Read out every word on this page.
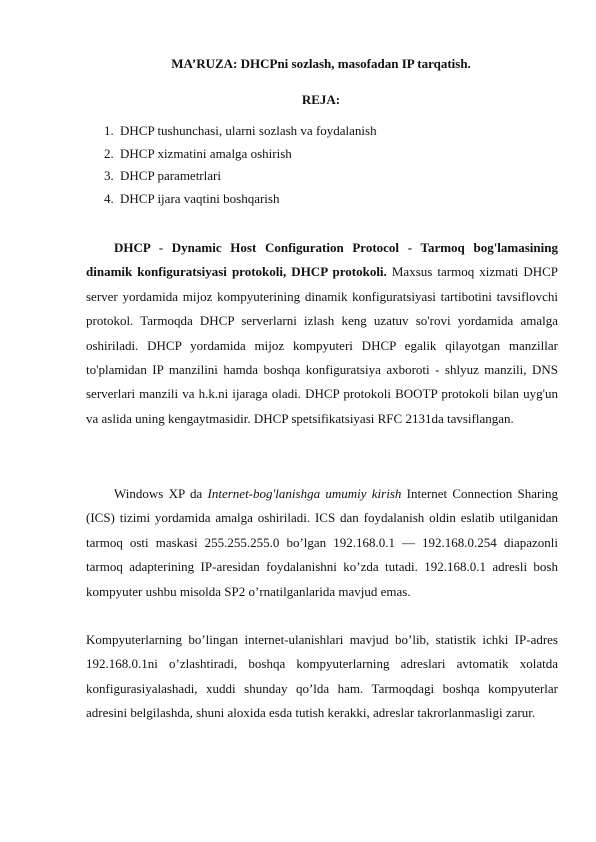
MA’RUZA: DHCPni sozlash, masofadan IP tarqatish.
REJA:
1. DHCP tushunchasi, ularni sozlash va foydalanish
2. DHCP xizmatini amalga oshirish
3. DHCP parametrlari
4. DHCP ijara vaqtini boshqarish

DHCP - Dynamic Host Configuration Protocol - Tarmoq bog'lamasining dinamik konfiguratsiyasi protokoli, DHCP protokoli. Maxsus tarmoq xizmati DHCP server yordamida mijoz kompyuterining dinamik konfiguratsiyasi tartibotini tavsiflovchi protokol. Tarmoqda DHCP serverlarni izlash keng uzatuv so'rovi yordamida amalga oshiriladi. DHCP yordamida mijoz kompyuteri DHCP egalik qilayotgan manzillar to'plamidan IP manzilini hamda boshqa konfiguratsiya axboroti - shlyuz manzili, DNS serverlari manzili va h.k.ni ijaraga oladi. DHCP protokoli BOOTP protokoli bilan uyg'un va aslida uning kengaytmasidir. DHCP spetsifikatsiyasi RFC 2131da tavsiflangan.

Windows XP da Internet-bog'lanishga umumiy kirish Internet Connection Sharing (ICS) tizimi yordamida amalga oshiriladi. ICS dan foydalanish oldin eslatib utilganidan tarmoq osti maskasi 255.255.255.0 bo’lgan 192.168.0.1 — 192.168.0.254 diapazonli tarmoq adapterining IP-aresidan foydalanishni ko’zda tutadi. 192.168.0.1 adresli bosh kompyuter ushbu misolda SP2 o’rnatilganlarida mavjud emas.

Kompyuterlarning bo’lingan internet-ulanishlari mavjud bo’lib, statistik ichki IP-adres 192.168.0.1ni o’zlashtiradi, boshqa kompyuterlarning adreslari avtomatik xolatda konfigurasiyalashadi, xuddi shunday qo’lda ham. Tarmoqdagi boshqa kompyuterlar adresini belgilashda, shuni aloxida esda tutish kerakki, adreslar takrorlanmasligi zarur.
